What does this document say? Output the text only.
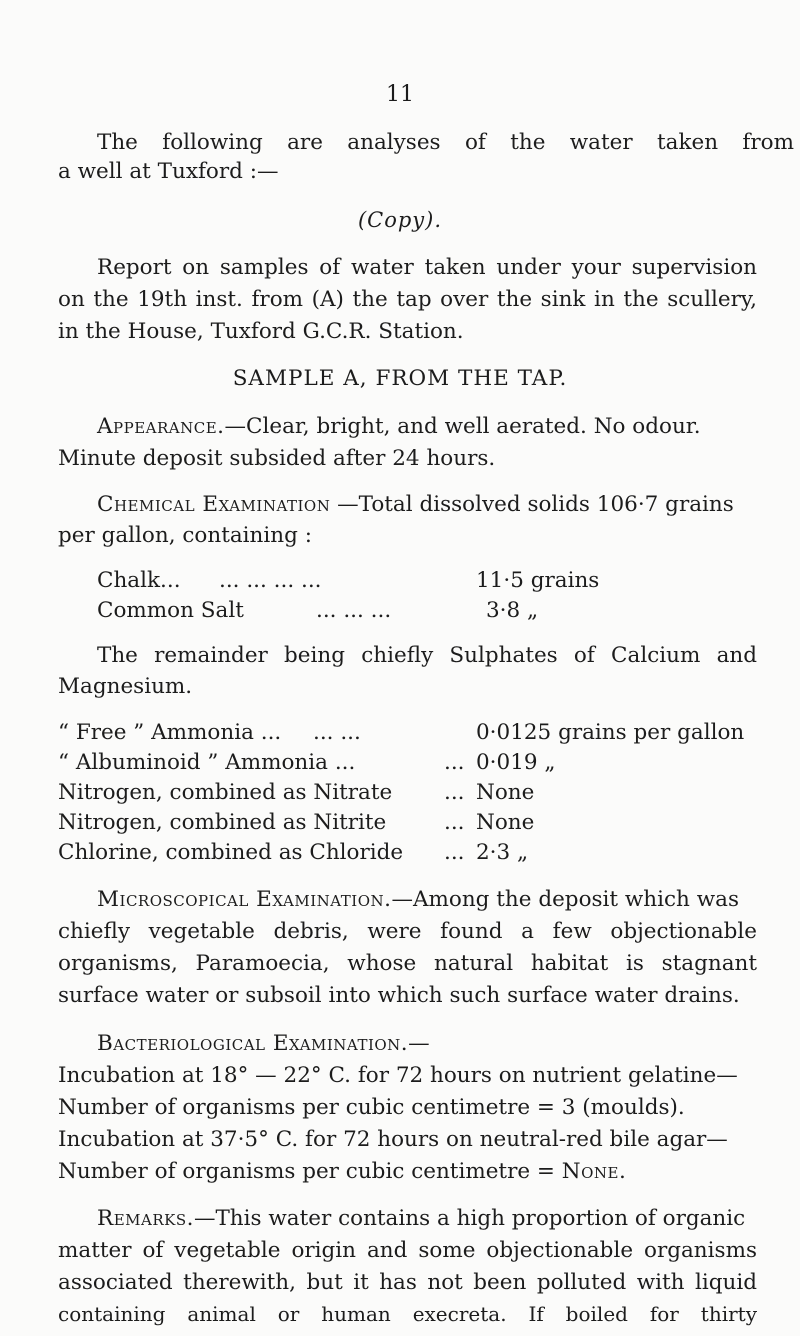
11
The following are analyses of the water taken from
a well at Tuxford :—
(Copy).
Report on samples of water taken under your supervision
on the 19th inst. from (A) the tap over the sink in the scullery,
in the House, Tuxford G.C.R. Station.
SAMPLE A, FROM THE TAP.
Appearance.—Clear, bright, and well aerated. No odour.
Minute deposit subsided after 24 hours.
Chemical Examination —Total dissolved solids 106·7 grains
per gallon, containing :
Chalk... ... ... ... ...	11·5 grains
Common Salt	... ... ...	3·8 „
The remainder being chiefly Sulphates of Calcium and
Magnesium.
“ Free ” Ammonia ... ... ...	0·0125 grains per gallon
“ Albuminoid ” Ammonia ...	... 0·019 „
Nitrogen, combined as Nitrate ... None
Nitrogen, combined as Nitrite	... None
Chlorine, combined as Chloride ... 2·3 „
Microscopical Examination.—Among the deposit which was
chiefly vegetable debris, were found a few objectionable
organisms, Paramoecia, whose natural habitat is stagnant
surface water or subsoil into which such surface water drains.
Bacteriological Examination.—
Incubation at 18° — 22° C. for 72 hours on nutrient gelatine—
Number of organisms per cubic centimetre = 3 (moulds).
Incubation at 37·5° C. for 72 hours on neutral-red bile agar—
Number of organisms per cubic centimetre = None.
Remarks.—This water contains a high proportion of organic
matter of vegetable origin and some objectionable organisms
associated therewith, but it has not been polluted with liquid
containing animal or human execreta. If boiled for thirty
